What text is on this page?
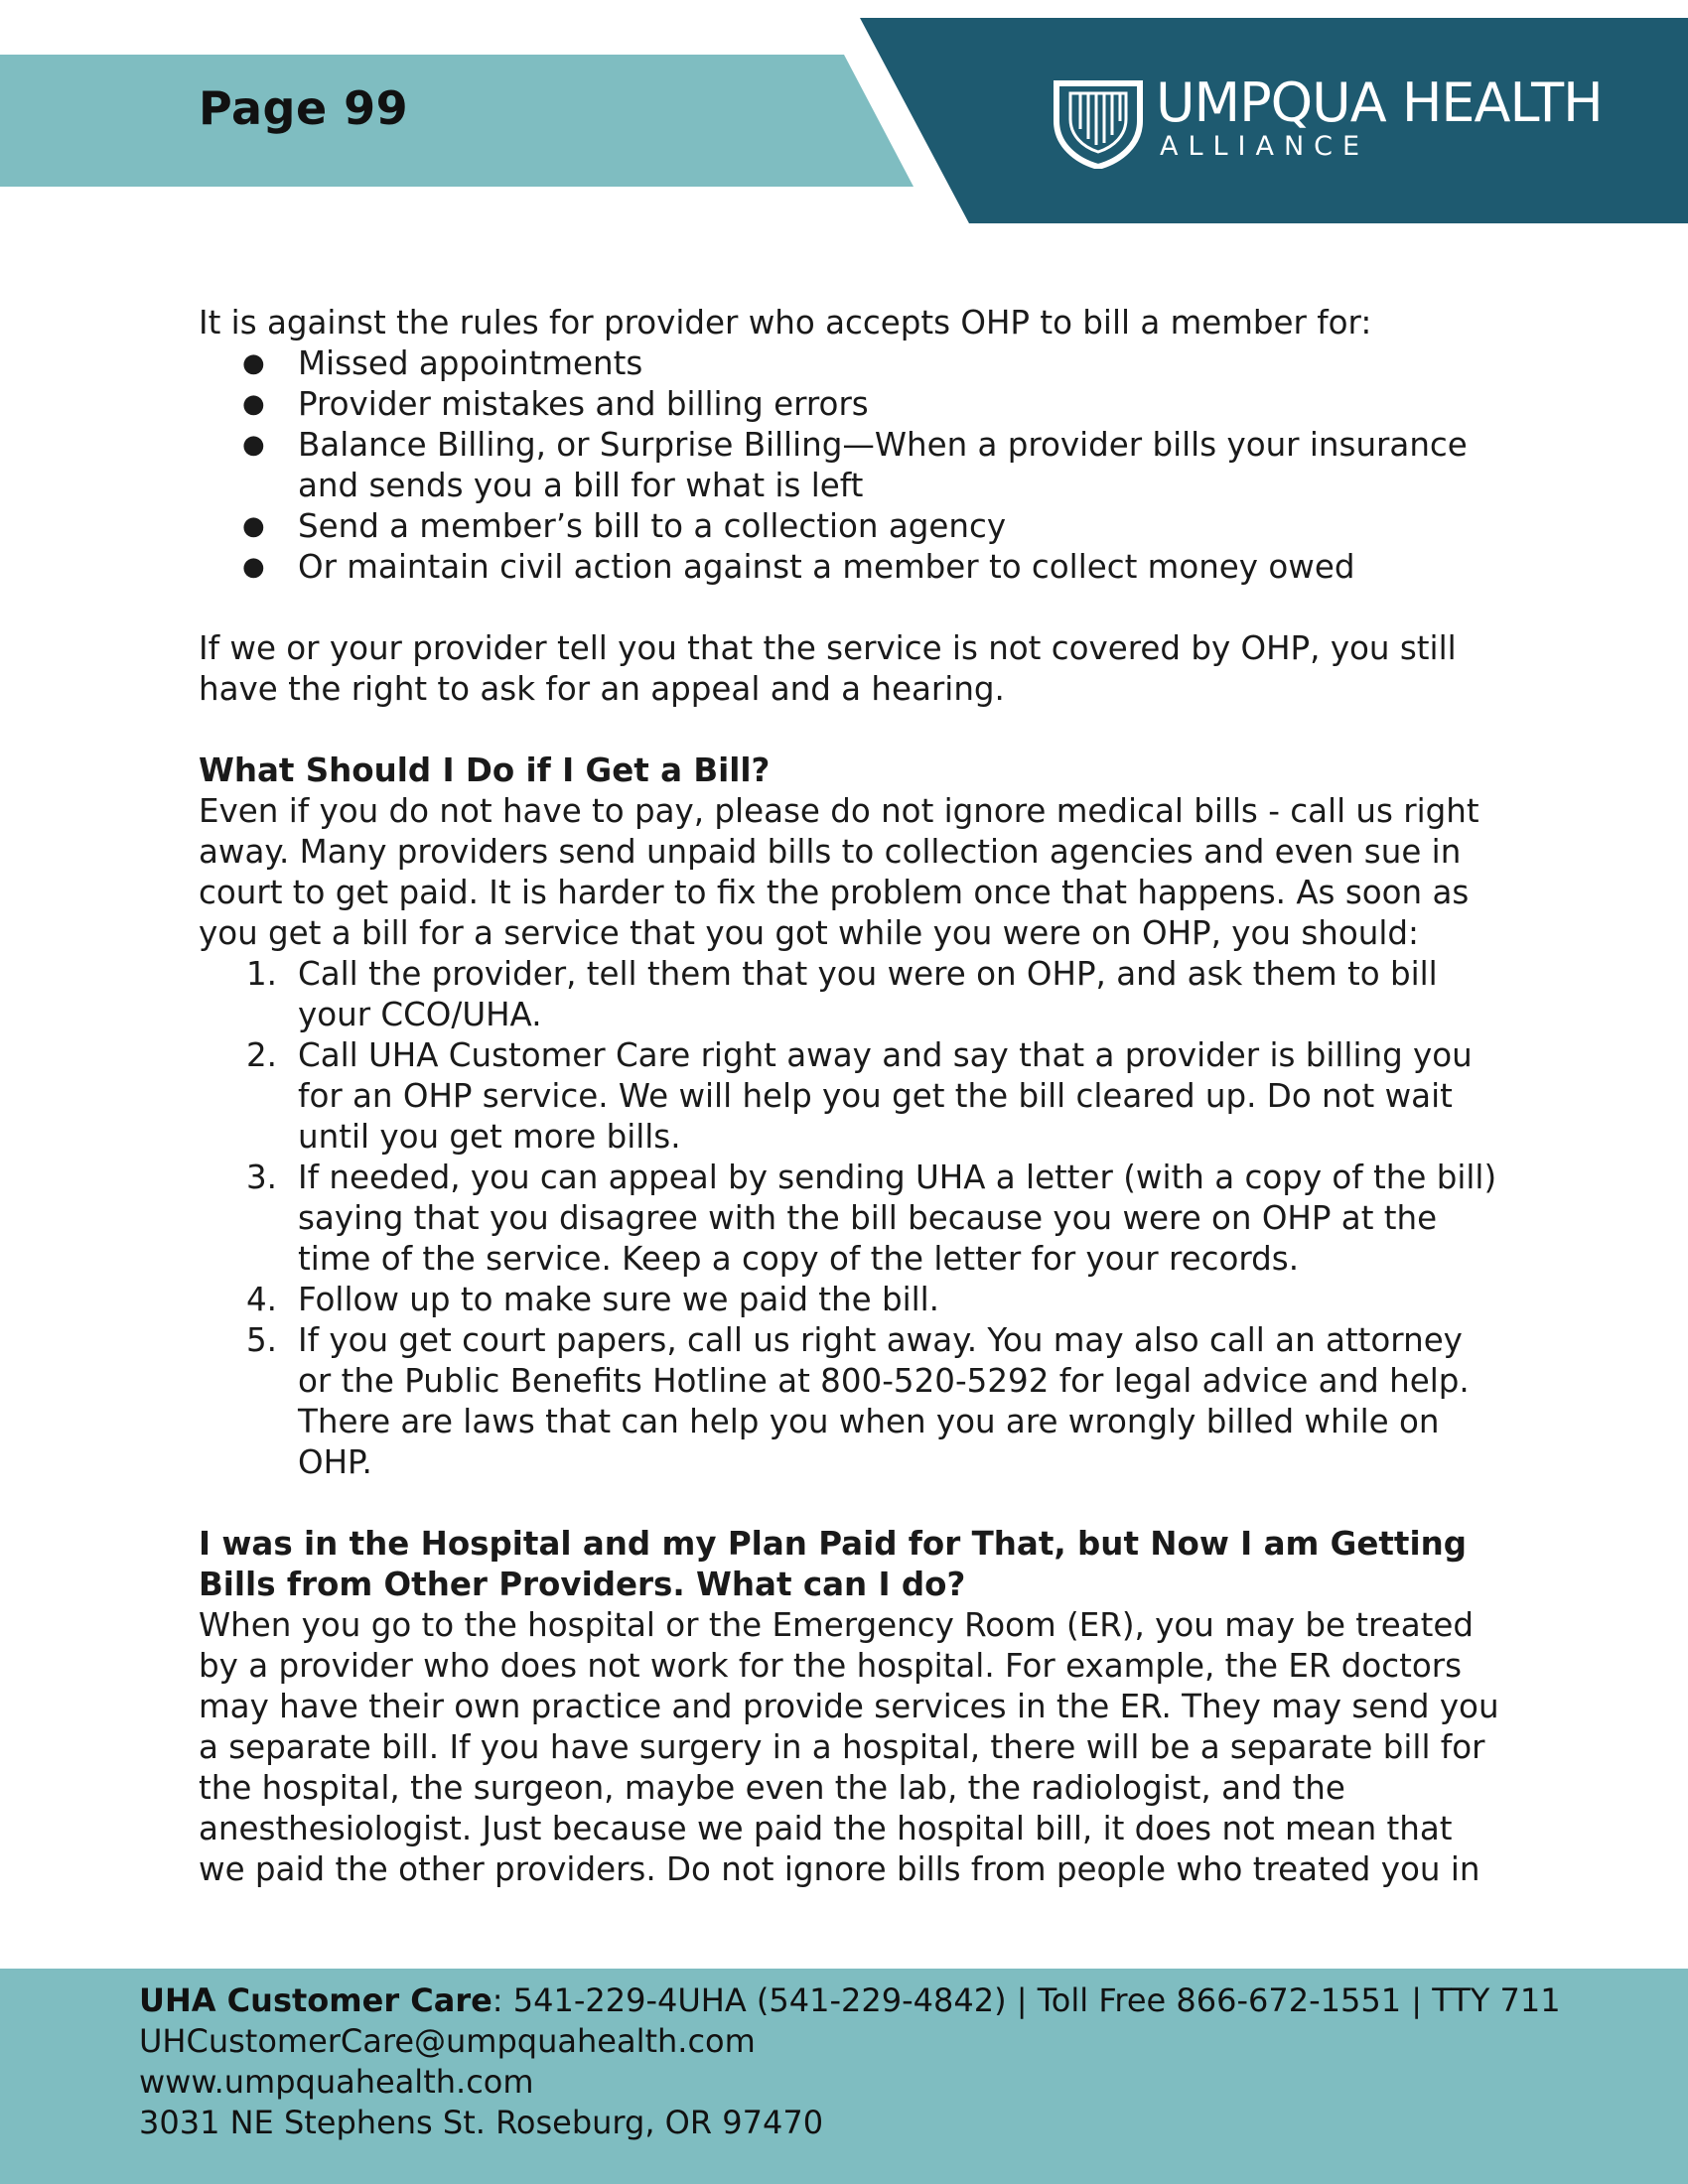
Page 99	UMPQUA HEALTH
ALLIANCE

It is against the rules for provider who accepts OHP to bill a member for:

● Missed appointments
● Provider mistakes and billing errors
● Balance Billing, or Surprise Billing—When a provider bills your insurance and sends you a bill for what is left
● Send a member’s bill to a collection agency
● Or maintain civil action against a member to collect money owed

If we or your provider tell you that the service is not covered by OHP, you still have the right to ask for an appeal and a hearing.

What Should I Do if I Get a Bill?

Even if you do not have to pay, please do not ignore medical bills - call us right away. Many providers send unpaid bills to collection agencies and even sue in court to get paid. It is harder to fix the problem once that happens. As soon as you get a bill for a service that you got while you were on OHP, you should:

1. Call the provider, tell them that you were on OHP, and ask them to bill your CCO/UHA.
2. Call UHA Customer Care right away and say that a provider is billing you for an OHP service. We will help you get the bill cleared up. Do not wait until you get more bills.
3. If needed, you can appeal by sending UHA a letter (with a copy of the bill) saying that you disagree with the bill because you were on OHP at the time of the service. Keep a copy of the letter for your records.
4. Follow up to make sure we paid the bill.
5. If you get court papers, call us right away. You may also call an attorney or the Public Benefits Hotline at 800-520-5292 for legal advice and help. There are laws that can help you when you are wrongly billed while on OHP.

I was in the Hospital and my Plan Paid for That, but Now I am Getting Bills from Other Providers. What can I do?

When you go to the hospital or the Emergency Room (ER), you may be treated by a provider who does not work for the hospital. For example, the ER doctors may have their own practice and provide services in the ER. They may send you a separate bill. If you have surgery in a hospital, there will be a separate bill for the hospital, the surgeon, maybe even the lab, the radiologist, and the anesthesiologist. Just because we paid the hospital bill, it does not mean that we paid the other providers. Do not ignore bills from people who treated you in

UHA Customer Care: 541-229-4UHA (541-229-4842) | Toll Free 866-672-1551 | TTY 711
UHCustomerCare@umpquahealth.com
www.umpquahealth.com
3031 NE Stephens St. Roseburg, OR 97470
